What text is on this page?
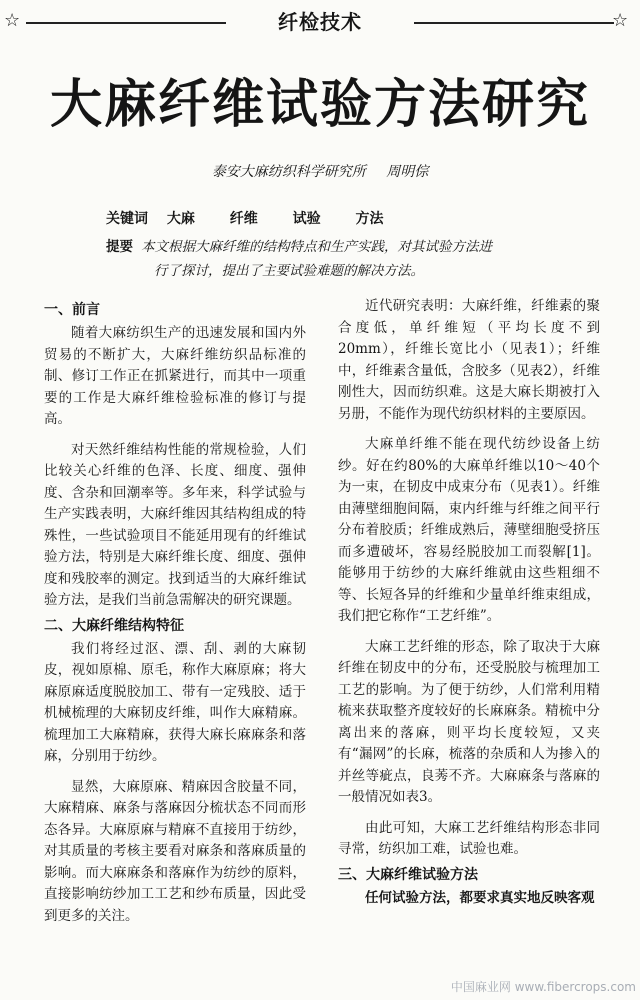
☆	纤检技术	☆
大麻纤维试验方法研究
泰安大麻纺织科学研究所 周明倧
关键词 大麻 纤维 试验 方法
提要 本文根据大麻纤维的结构特点和生产实践，对其试验方法进
行了探讨，提出了主要试验难题的解决方法。
一、前言

随着大麻纺织生产的迅速发展和国内外贸易的不断扩大，大麻纤维纺织品标准的制、修订工作正在抓紧进行，而其中一项重要的工作是大麻纤维检验标准的修订与提高。

对天然纤维结构性能的常规检验，人们比较关心纤维的色泽、长度、细度、强伸度、含杂和回潮率等。多年来，科学试验与生产实践表明，大麻纤维因其结构组成的特殊性，一些试验项目不能延用现有的纤维试验方法，特别是大麻纤维长度、细度、强伸度和残胶率的测定。找到适当的大麻纤维试验方法，是我们当前急需解决的研究课题。

二、大麻纤维结构特征

我们将经过沤、漂、刮、剥的大麻韧皮，视如原棉、原毛，称作大麻原麻；将大麻原麻适度脱胶加工、带有一定残胶、适于机械梳理的大麻韧皮纤维，叫作大麻精麻。梳理加工大麻精麻，获得大麻长麻麻条和落麻，分别用于纺纱。

显然，大麻原麻、精麻因含胶量不同，大麻精麻、麻条与落麻因分梳状态不同而形态各异。大麻原麻与精麻不直接用于纺纱，对其质量的考核主要看对麻条和落麻质量的影响。而大麻麻条和落麻作为纺纱的原料，直接影响纺纱加工工艺和纱布质量，因此受到更多的关注。

近代研究表明：大麻纤维，纤维素的聚合度低，单纤维短（平均长度不到20mm），纤维长宽比小（见表1）；纤维中，纤维素含量低，含胶多（见表2），纤维刚性大，因而纺织难。这是大麻长期被打入另册，不能作为现代纺织材料的主要原因。

大麻单纤维不能在现代纺纱设备上纺纱。好在约80%的大麻单纤维以10～40个为一束，在韧皮中成束分布（见表1）。纤维由薄壁细胞间隔，束内纤维与纤维之间平行分布着胶质；纤维成熟后，薄壁细胞受挤压而多遭破坏，容易经脱胶加工而裂解[1]。能够用于纺纱的大麻纤维就由这些粗细不等、长短各异的纤维和少量单纤维束组成，我们把它称作“工艺纤维”。

大麻工艺纤维的形态，除了取决于大麻纤维在韧皮中的分布，还受脱胶与梳理加工工艺的影响。为了便于纺纱，人们常利用精梳来获取整齐度较好的长麻麻条。精梳中分离出来的落麻，则平均长度较短，又夹有“漏网”的长麻，梳落的杂质和人为掺入的并丝等疵点，良莠不齐。大麻麻条与落麻的一般情况如表3。

由此可知，大麻工艺纤维结构形态非同寻常，纺织加工难，试验也难。

三、大麻纤维试验方法

任何试验方法，都要求真实地反映客观

中国麻业网 www.fibercrops.com
